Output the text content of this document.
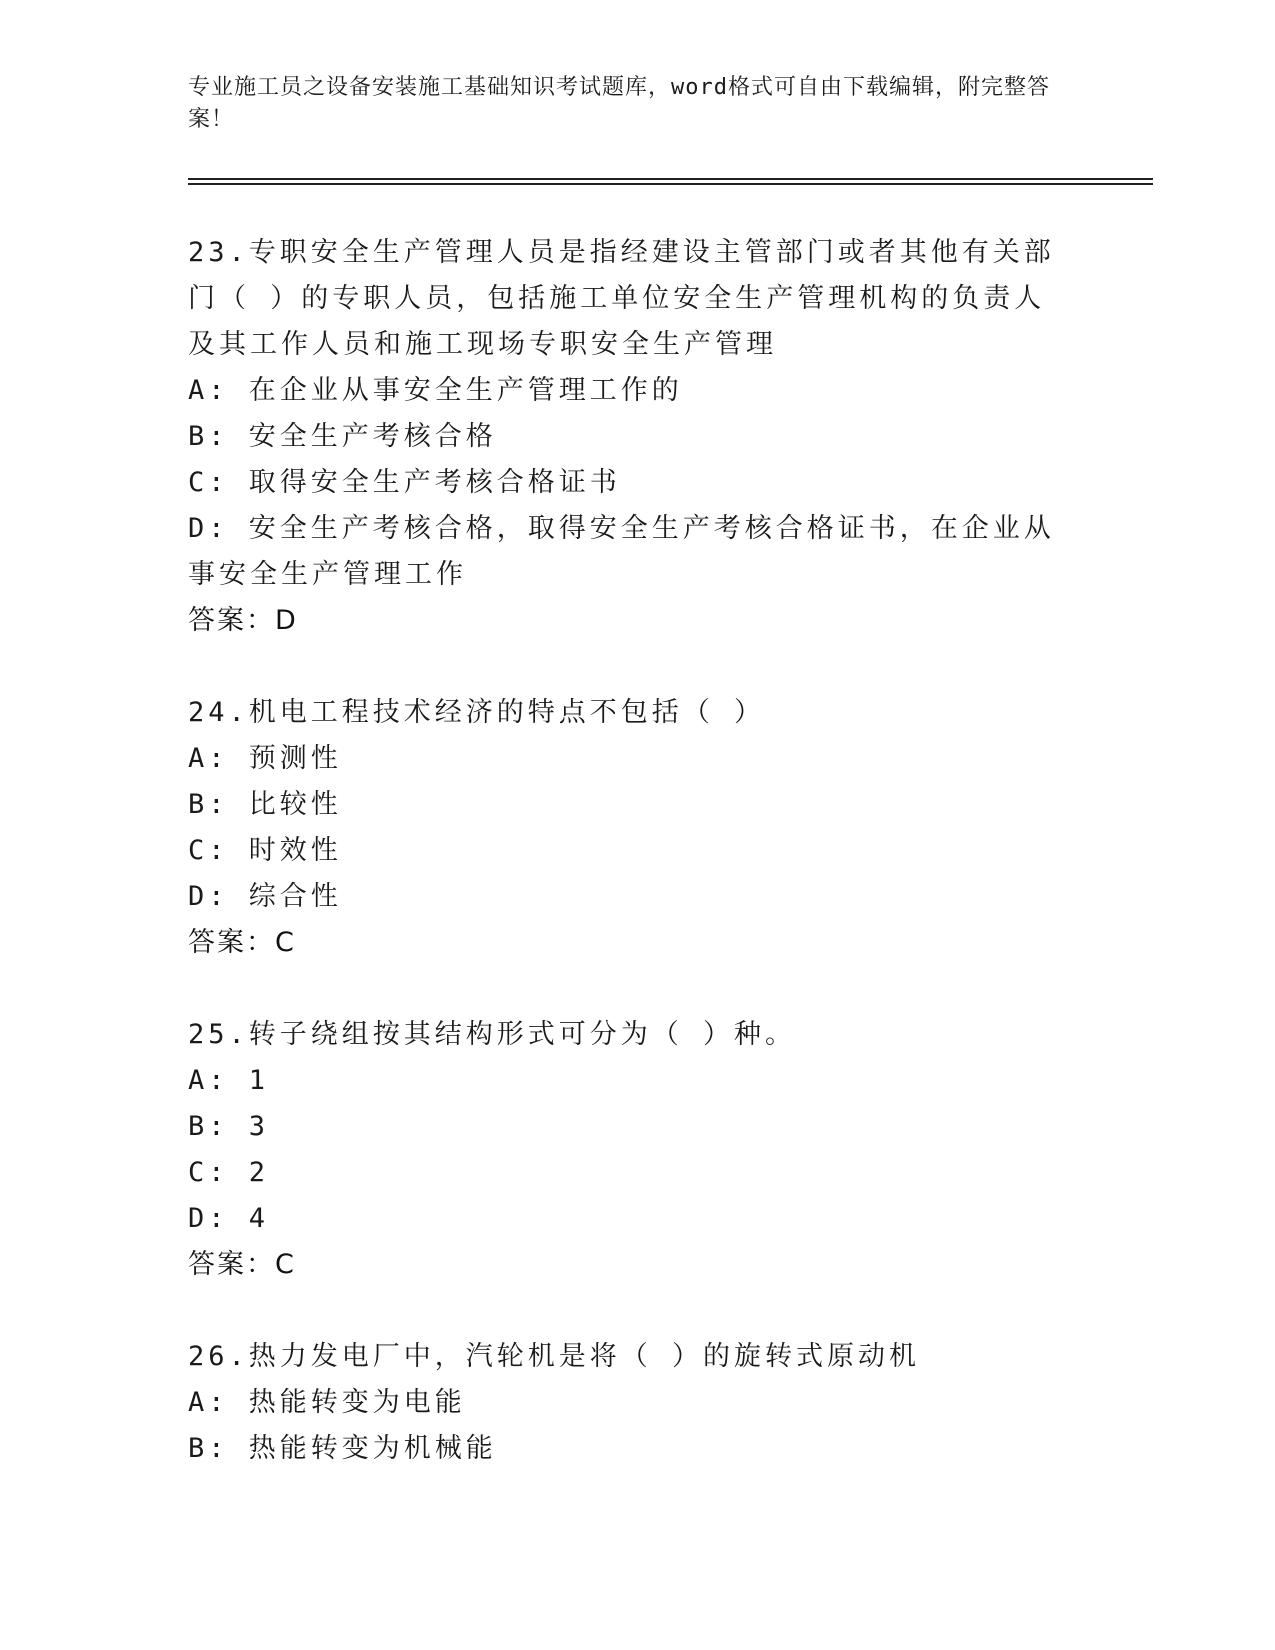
专业施工员之设备安装施工基础知识考试题库，word格式可自由下载编辑，附完整答案！
23.专职安全生产管理人员是指经建设主管部门或者其他有关部门（ ）的专职人员，包括施工单位安全生产管理机构的负责人及其工作人员和施工现场专职安全生产管理
A: 在企业从事安全生产管理工作的
B: 安全生产考核合格
C: 取得安全生产考核合格证书
D: 安全生产考核合格，取得安全生产考核合格证书，在企业从事安全生产管理工作
答案：D
24.机电工程技术经济的特点不包括（ ）
A: 预测性
B: 比较性
C: 时效性
D: 综合性
答案：C
25.转子绕组按其结构形式可分为（ ）种。
A: 1
B: 3
C: 2
D: 4
答案：C
26.热力发电厂中，汽轮机是将（ ）的旋转式原动机
A: 热能转变为电能
B: 热能转变为机械能
